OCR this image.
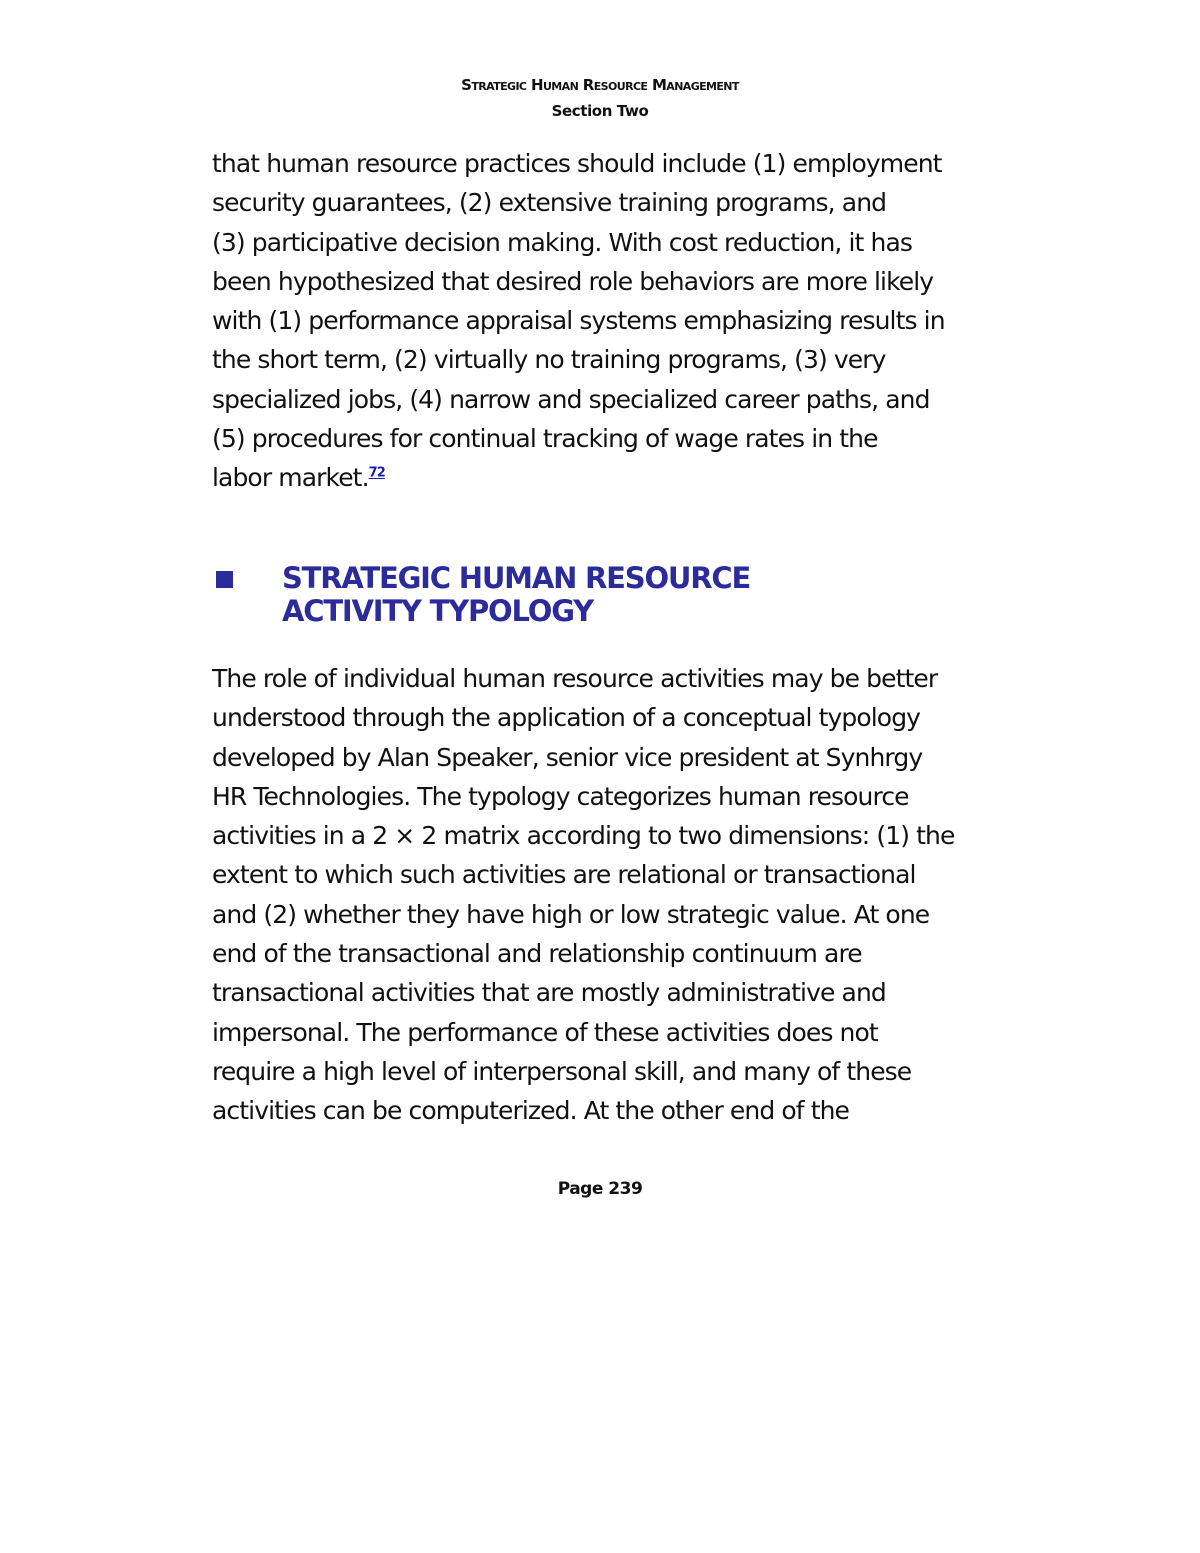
Strategic Human Resource Management
Section Two

that human resource practices should include (1) employment
security guarantees, (2) extensive training programs, and
(3) participative decision making. With cost reduction, it has
been hypothesized that desired role behaviors are more likely
with (1) performance appraisal systems emphasizing results in
the short term, (2) virtually no training programs, (3) very
specialized jobs, (4) narrow and specialized career paths, and
(5) procedures for continual tracking of wage rates in the
labor market.$^{72}$

STRATEGIC HUMAN RESOURCE
ACTIVITY TYPOLOGY

The role of individual human resource activities may be better
understood through the application of a conceptual typology
developed by Alan Speaker, senior vice president at Synhrgy
HR Technologies. The typology categorizes human resource
activities in a 2 × 2 matrix according to two dimensions: (1) the
extent to which such activities are relational or transactional
and (2) whether they have high or low strategic value. At one
end of the transactional and relationship continuum are
transactional activities that are mostly administrative and
impersonal. The performance of these activities does not
require a high level of interpersonal skill, and many of these
activities can be computerized. At the other end of the

Page 239
